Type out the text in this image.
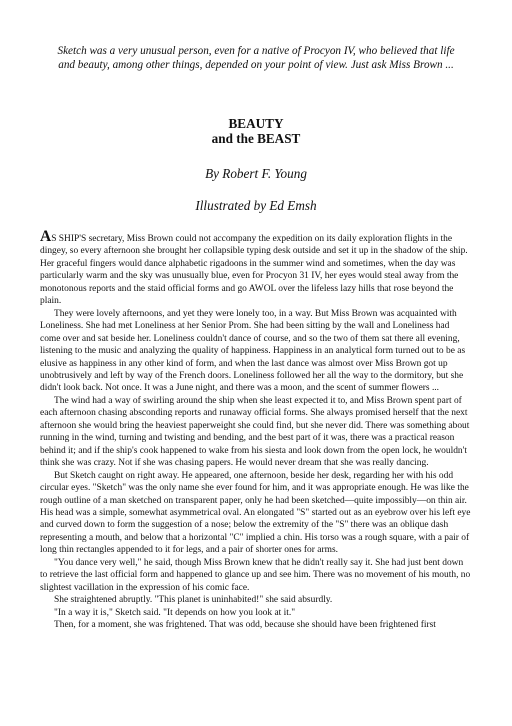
Sketch was a very unusual person, even for a native of Procyon IV, who believed that life and beauty, among other things, depended on your point of view. Just ask Miss Brown ...
BEAUTY
and the BEAST
By Robert F. Young
Illustrated by Ed Emsh

AS SHIP'S secretary, Miss Brown could not accompany the expedition on its daily exploration flights in the dingey, so every afternoon she brought her collapsible typing desk outside and set it up in the shadow of the ship. Her graceful fingers would dance alphabetic rigadoons in the summer wind and sometimes, when the day was particularly warm and the sky was unusually blue, even for Procyon 31 IV, her eyes would steal away from the monotonous reports and the staid official forms and go AWOL over the lifeless lazy hills that rose beyond the plain.

They were lovely afternoons, and yet they were lonely too, in a way. But Miss Brown was acquainted with Loneliness. She had met Loneliness at her Senior Prom. She had been sitting by the wall and Loneliness had come over and sat beside her. Loneliness couldn't dance of course, and so the two of them sat there all evening, listening to the music and analyzing the quality of happiness. Happiness in an analytical form turned out to be as elusive as happiness in any other kind of form, and when the last dance was almost over Miss Brown got up unobtrusively and left by way of the French doors. Loneliness followed her all the way to the dormitory, but she didn't look back. Not once. It was a June night, and there was a moon, and the scent of summer flowers ...

The wind had a way of swirling around the ship when she least expected it to, and Miss Brown spent part of each afternoon chasing absconding reports and runaway official forms. She always promised herself that the next afternoon she would bring the heaviest paperweight she could find, but she never did. There was something about running in the wind, turning and twisting and bending, and the best part of it was, there was a practical reason behind it; and if the ship's cook happened to wake from his siesta and look down from the open lock, he wouldn't think she was crazy. Not if she was chasing papers. He would never dream that she was really dancing.

But Sketch caught on right away. He appeared, one afternoon, beside her desk, regarding her with his odd circular eyes. "Sketch" was the only name she ever found for him, and it was appropriate enough. He was like the rough outline of a man sketched on transparent paper, only he had been sketched—quite impossibly—on thin air. His head was a simple, somewhat asymmetrical oval. An elongated "S" started out as an eyebrow over his left eye and curved down to form the suggestion of a nose; below the extremity of the "S" there was an oblique dash representing a mouth, and below that a horizontal "C" implied a chin. His torso was a rough square, with a pair of long thin rectangles appended to it for legs, and a pair of shorter ones for arms.

"You dance very well," he said, though Miss Brown knew that he didn't really say it. She had just bent down to retrieve the last official form and happened to glance up and see him. There was no movement of his mouth, no slightest vacillation in the expression of his comic face.

She straightened abruptly. "This planet is uninhabited!" she said absurdly.

"In a way it is," Sketch said. "It depends on how you look at it."

Then, for a moment, she was frightened. That was odd, because she should have been frightened first
